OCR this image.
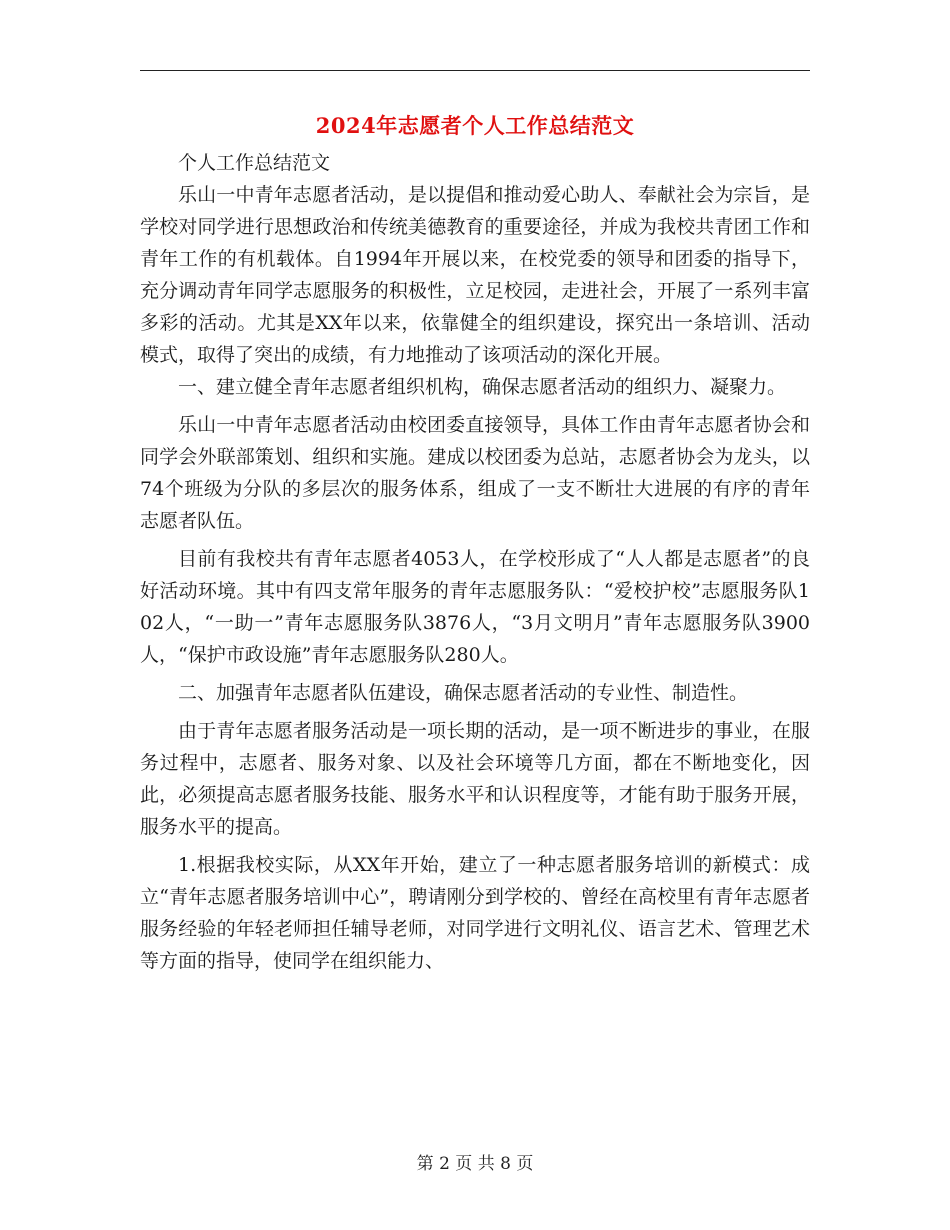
2024年志愿者个人工作总结范文

个人工作总结范文

乐山一中青年志愿者活动，是以提倡和推动爱心助人、奉献社会为宗旨，是学校对同学进行思想政治和传统美德教育的重要途径，并成为我校共青团工作和青年工作的有机载体。自1994年开展以来，在校党委的领导和团委的指导下，充分调动青年同学志愿服务的积极性，立足校园，走进社会，开展了一系列丰富多彩的活动。尤其是XX年以来，依靠健全的组织建设，探究出一条培训、活动模式，取得了突出的成绩，有力地推动了该项活动的深化开展。

一、建立健全青年志愿者组织机构，确保志愿者活动的组织力、凝聚力。

乐山一中青年志愿者活动由校团委直接领导，具体工作由青年志愿者协会和同学会外联部策划、组织和实施。建成以校团委为总站，志愿者协会为龙头，以74个班级为分队的多层次的服务体系，组成了一支不断壮大进展的有序的青年志愿者队伍。

目前有我校共有青年志愿者4053人，在学校形成了“人人都是志愿者”的良好活动环境。其中有四支常年服务的青年志愿服务队：“爱校护校”志愿服务队102人，“一助一”青年志愿服务队3876人，“3月文明月”青年志愿服务队3900人，“保护市政设施”青年志愿服务队280人。

二、加强青年志愿者队伍建设，确保志愿者活动的专业性、制造性。

由于青年志愿者服务活动是一项长期的活动，是一项不断进步的事业，在服务过程中，志愿者、服务对象、以及社会环境等几方面，都在不断地变化，因此，必须提高志愿者服务技能、服务水平和认识程度等，才能有助于服务开展，服务水平的提高。

1.根据我校实际，从XX年开始，建立了一种志愿者服务培训的新模式：成立“青年志愿者服务培训中心”，聘请刚分到学校的、曾经在高校里有青年志愿者服务经验的年轻老师担任辅导老师，对同学进行文明礼仪、语言艺术、管理艺术等方面的指导，使同学在组织能力、

第 2 页 共 8 页
